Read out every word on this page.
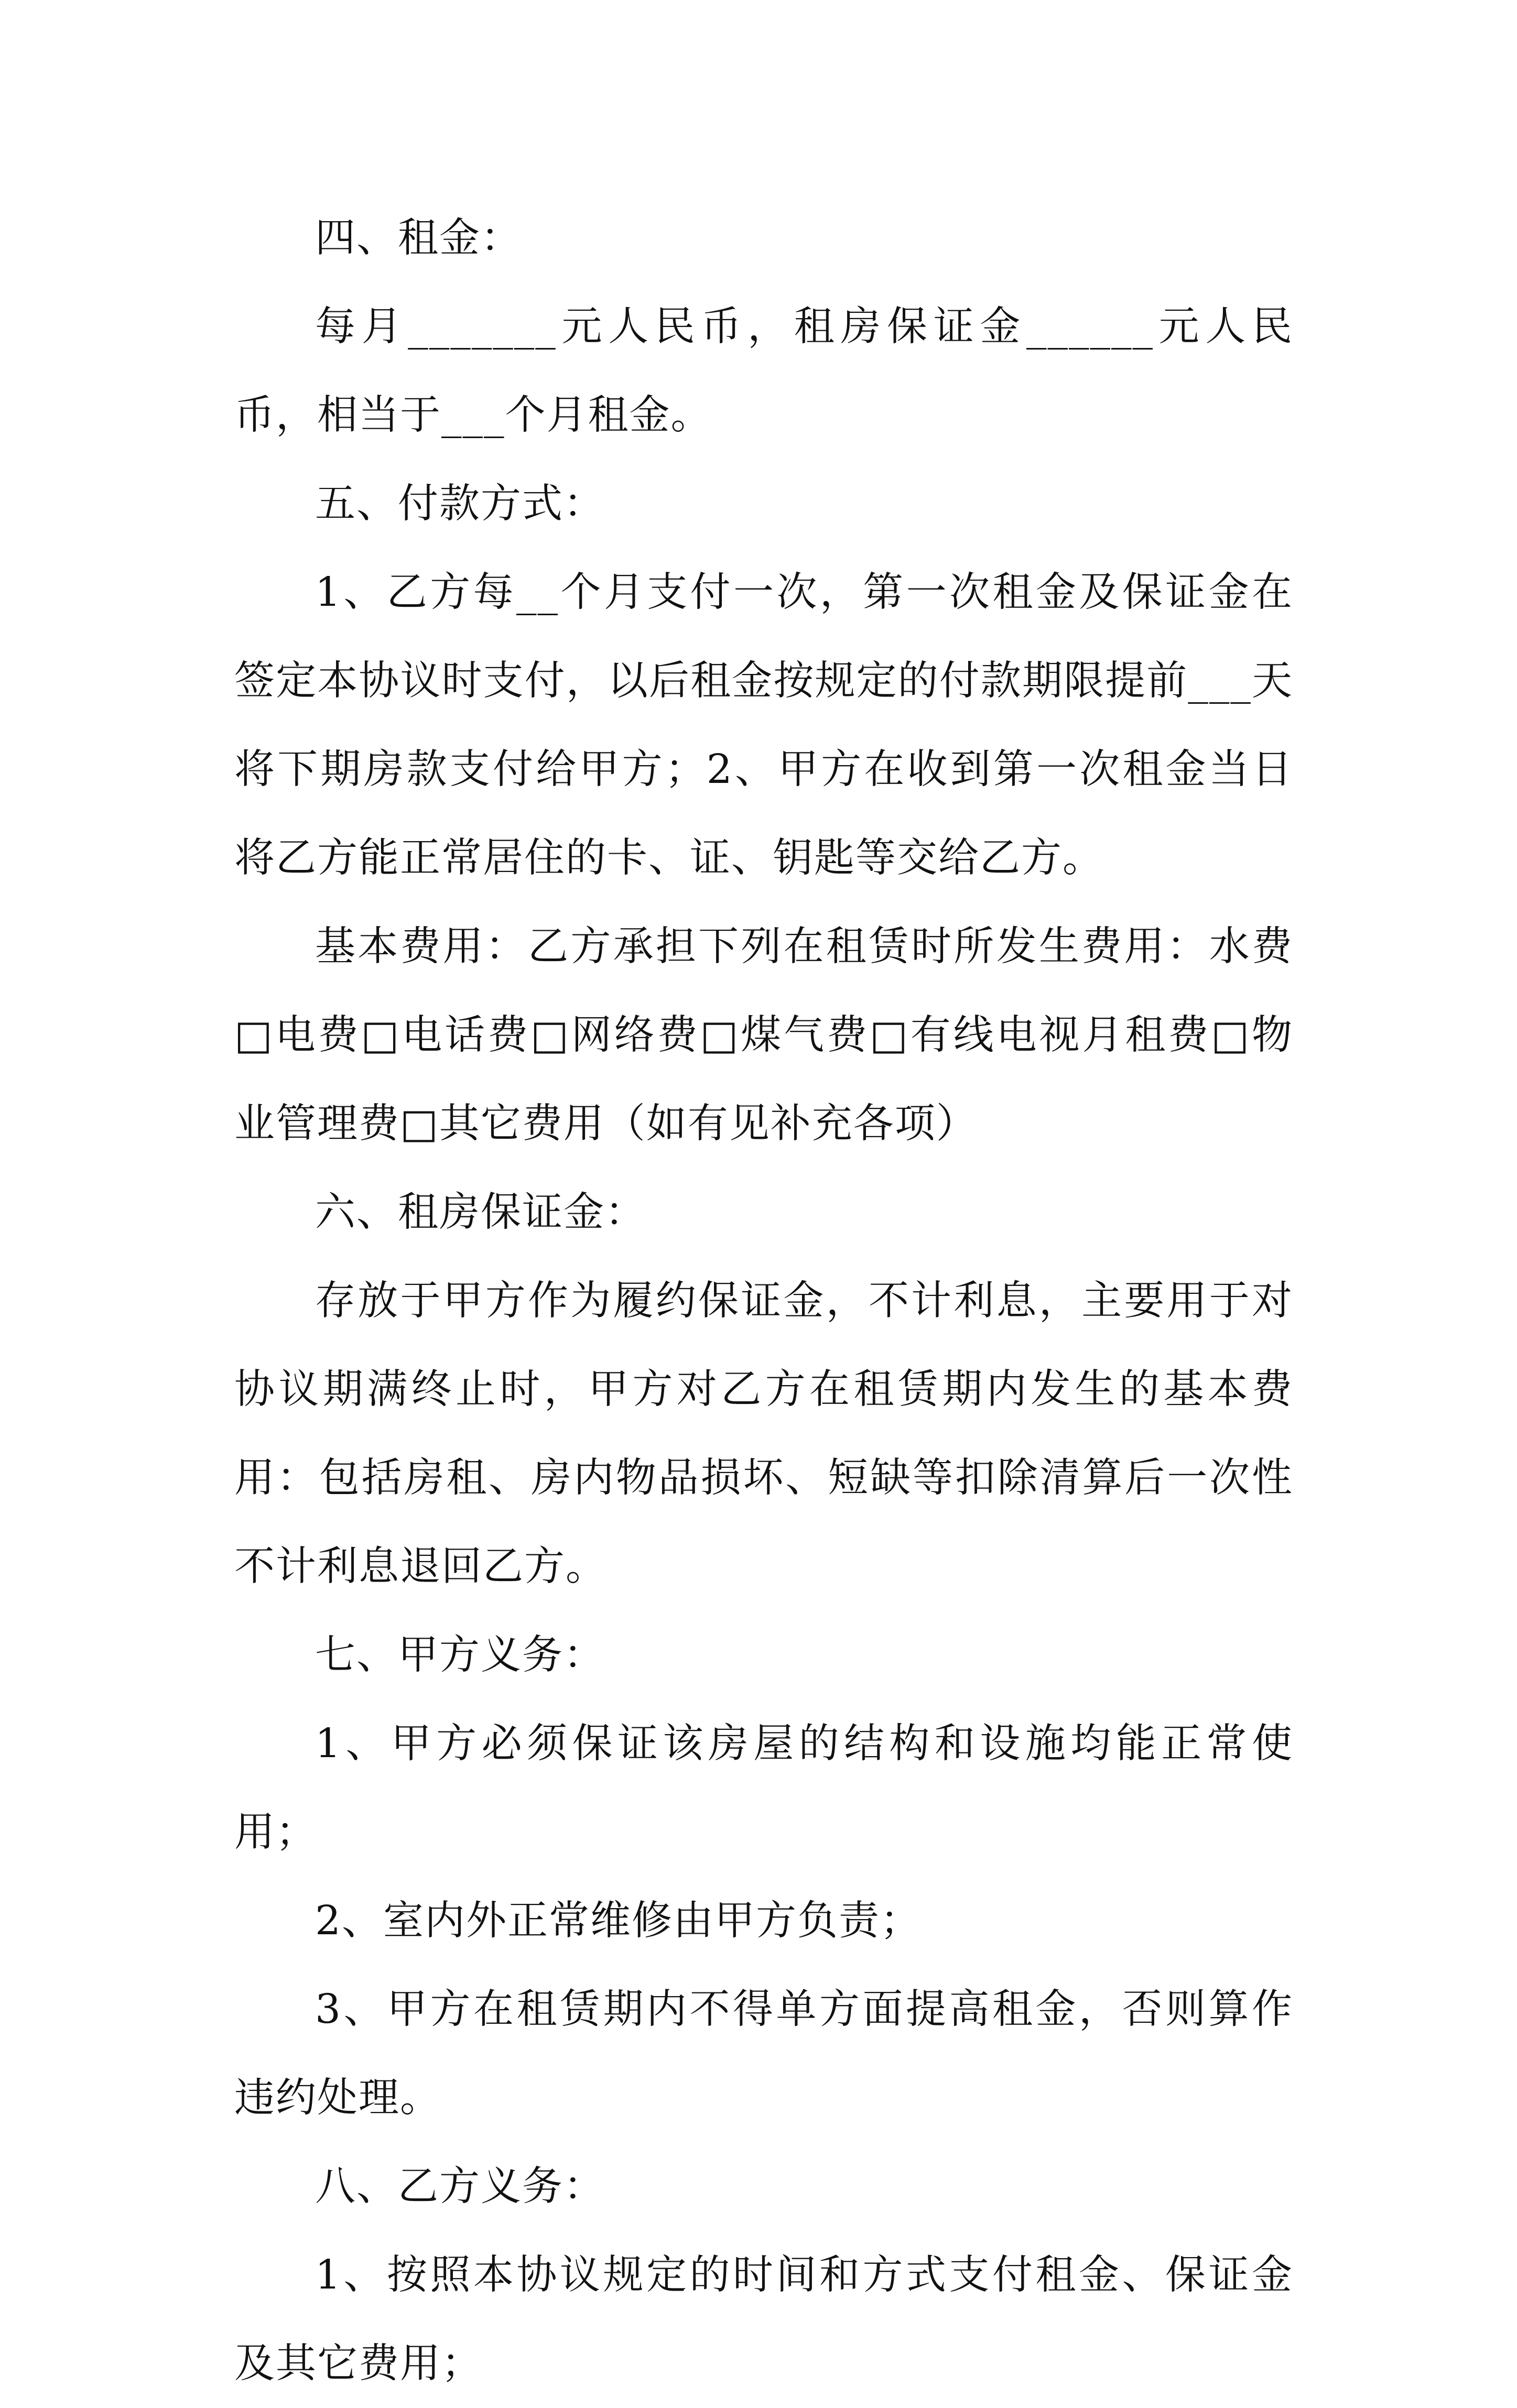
四、租金：

每月_______元人民币，租房保证金______元人民币，相当于___个月租金。

五、付款方式：

1、乙方每__个月支付一次，第一次租金及保证金在签定本协议时支付，以后租金按规定的付款期限提前___天将下期房款支付给甲方；2、甲方在收到第一次租金当日将乙方能正常居住的卡、证、钥匙等交给乙方。

基本费用：乙方承担下列在租赁时所发生费用：水费□电费□电话费□网络费□煤气费□有线电视月租费□物业管理费□其它费用（如有见补充各项）

六、租房保证金：

存放于甲方作为履约保证金，不计利息，主要用于对协议期满终止时，甲方对乙方在租赁期内发生的基本费用：包括房租、房内物品损坏、短缺等扣除清算后一次性不计利息退回乙方。

七、甲方义务：

1、甲方必须保证该房屋的结构和设施均能正常使用；

2、室内外正常维修由甲方负责；

3、甲方在租赁期内不得单方面提高租金，否则算作违约处理。

八、乙方义务：

1、按照本协议规定的时间和方式支付租金、保证金及其它费用；
